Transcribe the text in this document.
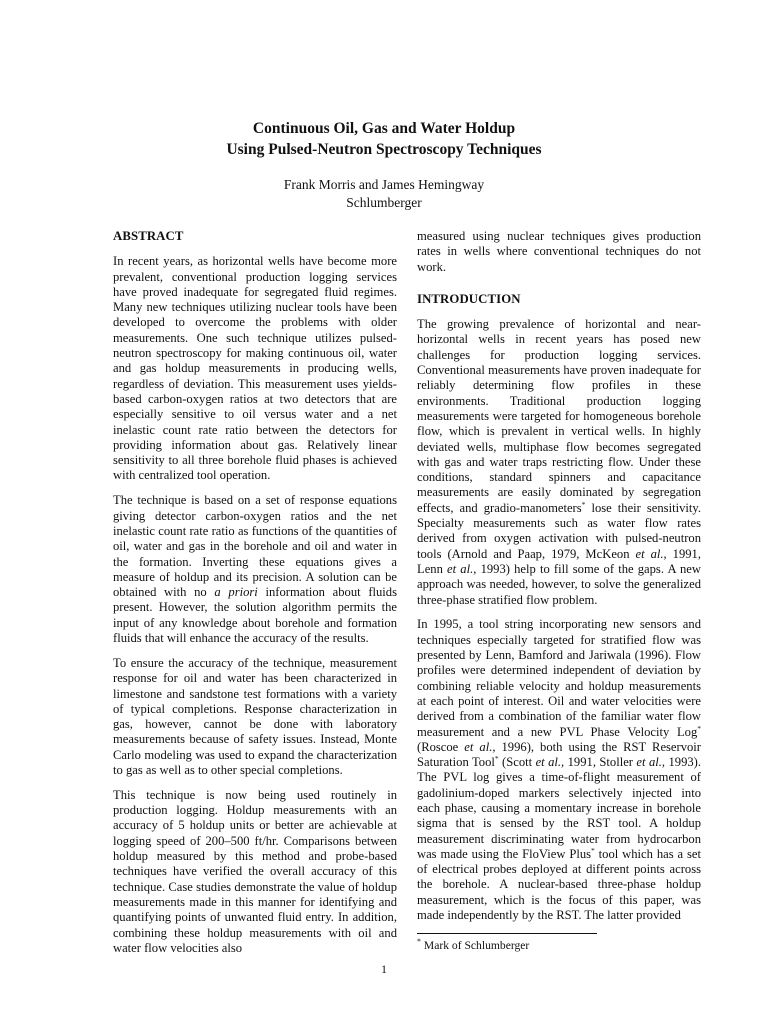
Continuous Oil, Gas and Water Holdup
Using Pulsed-Neutron Spectroscopy Techniques
Frank Morris and James Hemingway
Schlumberger
ABSTRACT

In recent years, as horizontal wells have become more prevalent, conventional production logging services have proved inadequate for segregated fluid regimes. Many new techniques utilizing nuclear tools have been developed to overcome the problems with older measurements. One such technique utilizes pulsed-neutron spectroscopy for making continuous oil, water and gas holdup measurements in producing wells, regardless of deviation. This measurement uses yields-based carbon-oxygen ratios at two detectors that are especially sensitive to oil versus water and a net inelastic count rate ratio between the detectors for providing information about gas. Relatively linear sensitivity to all three borehole fluid phases is achieved with centralized tool operation.

The technique is based on a set of response equations giving detector carbon-oxygen ratios and the net inelastic count rate ratio as functions of the quantities of oil, water and gas in the borehole and oil and water in the formation. Inverting these equations gives a measure of holdup and its precision. A solution can be obtained with no a priori information about fluids present. However, the solution algorithm permits the input of any knowledge about borehole and formation fluids that will enhance the accuracy of the results.

To ensure the accuracy of the technique, measurement response for oil and water has been characterized in limestone and sandstone test formations with a variety of typical completions. Response characterization in gas, however, cannot be done with laboratory measurements because of safety issues. Instead, Monte Carlo modeling was used to expand the characterization to gas as well as to other special completions.

This technique is now being used routinely in production logging. Holdup measurements with an accuracy of 5 holdup units or better are achievable at logging speed of 200–500 ft/hr. Comparisons between holdup measured by this method and probe-based techniques have verified the overall accuracy of this technique. Case studies demonstrate the value of holdup measurements made in this manner for identifying and quantifying points of unwanted fluid entry. In addition, combining these holdup measurements with oil and water flow velocities also

measured using nuclear techniques gives production rates in wells where conventional techniques do not work.

INTRODUCTION

The growing prevalence of horizontal and near-horizontal wells in recent years has posed new challenges for production logging services. Conventional measurements have proven inadequate for reliably determining flow profiles in these environments. Traditional production logging measurements were targeted for homogeneous borehole flow, which is prevalent in vertical wells. In highly deviated wells, multiphase flow becomes segregated with gas and water traps restricting flow. Under these conditions, standard spinners and capacitance measurements are easily dominated by segregation effects, and gradio-manometers* lose their sensitivity. Specialty measurements such as water flow rates derived from oxygen activation with pulsed-neutron tools (Arnold and Paap, 1979, McKeon et al., 1991, Lenn et al., 1993) help to fill some of the gaps. A new approach was needed, however, to solve the generalized three-phase stratified flow problem.

In 1995, a tool string incorporating new sensors and techniques especially targeted for stratified flow was presented by Lenn, Bamford and Jariwala (1996). Flow profiles were determined independent of deviation by combining reliable velocity and holdup measurements at each point of interest. Oil and water velocities were derived from a combination of the familiar water flow measurement and a new PVL Phase Velocity Log* (Roscoe et al., 1996), both using the RST Reservoir Saturation Tool* (Scott et al., 1991, Stoller et al., 1993). The PVL log gives a time-of-flight measurement of gadolinium-doped markers selectively injected into each phase, causing a momentary increase in borehole sigma that is sensed by the RST tool. A holdup measurement discriminating water from hydrocarbon was made using the FloView Plus* tool which has a set of electrical probes deployed at different points across the borehole. A nuclear-based three-phase holdup measurement, which is the focus of this paper, was made independently by the RST. The latter provided

* Mark of Schlumberger
1
